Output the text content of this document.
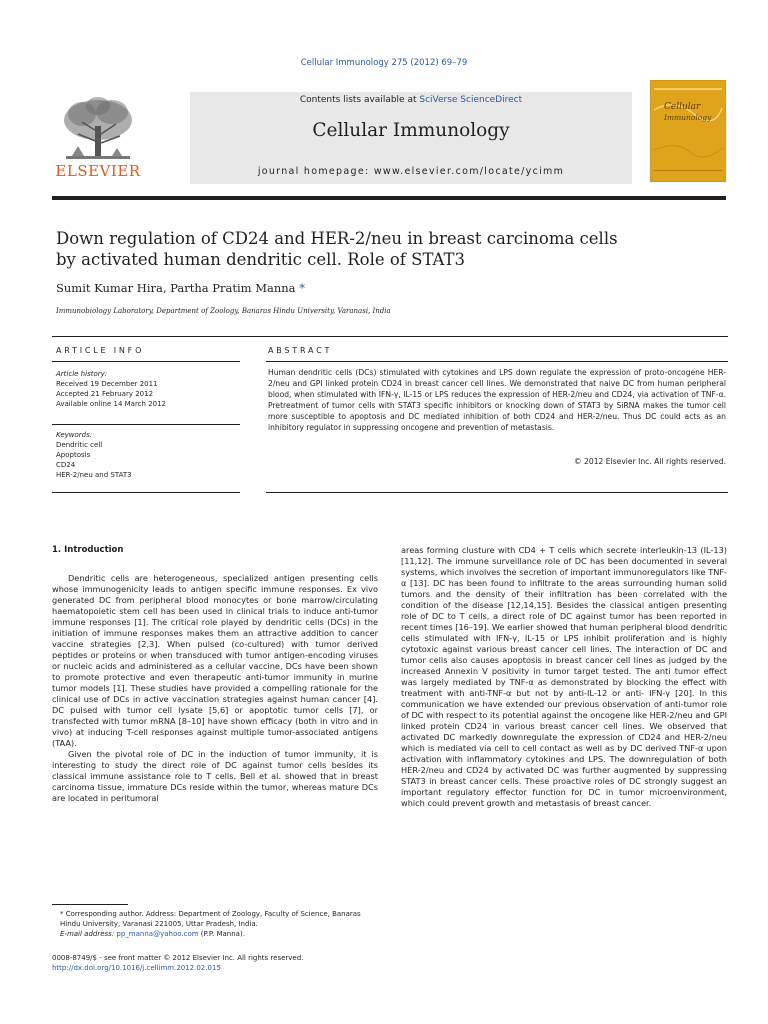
Cellular Immunology 275 (2012) 69–79
ELSEVIER
Contents lists available at SciVerse ScienceDirect
Cellular Immunology
journal homepage: www.elsevier.com/locate/ycimm
Cellular
Immunology
Down regulation of CD24 and HER-2/neu in breast carcinoma cells
by activated human dendritic cell. Role of STAT3
Sumit Kumar Hira, Partha Pratim Manna *
Immunobiology Laboratory, Department of Zoology, Banaras Hindu University, Varanasi, India
ARTICLE INFO	ABSTRACT
Article history:
Received 19 December 2011
Accepted 21 February 2012
Available online 14 March 2012
Keywords:
Dendritic cell
Apoptosis
CD24
HER-2/neu and STAT3
Human dendritic cells (DCs) stimulated with cytokines and LPS down regulate the expression of proto-oncogene HER-2/neu and GPI linked protein CD24 in breast cancer cell lines. We demonstrated that naive DC from human peripheral blood, when stimulated with IFN-γ, IL-15 or LPS reduces the expression of HER-2/neu and CD24, via activation of TNF-α. Pretreatment of tumor cells with STAT3 specific inhibitors or knocking down of STAT3 by SiRNA makes the tumor cell more susceptible to apoptosis and DC mediated inhibition of both CD24 and HER-2/neu. Thus DC could acts as an inhibitory regulator in suppressing oncogene and prevention of metastasis.
© 2012 Elsevier Inc. All rights reserved.
1. Introduction

Dendritic cells are heterogeneous, specialized antigen presenting cells whose immunogenicity leads to antigen specific immune responses. Ex vivo generated DC from peripheral blood monocytes or bone marrow/circulating haematopoietic stem cell has been used in clinical trials to induce anti-tumor immune responses [1]. The critical role played by dendritic cells (DCs) in the initiation of immune responses makes them an attractive addition to cancer vaccine strategies [2,3]. When pulsed (co-cultured) with tumor derived peptides or proteins or when transduced with tumor antigen-encoding viruses or nucleic acids and administered as a cellular vaccine, DCs have been shown to promote protective and even therapeutic anti-tumor immunity in murine tumor models [1]. These studies have provided a compelling rationale for the clinical use of DCs in active vaccination strategies against human cancer [4]. DC pulsed with tumor cell lysate [5,6] or apoptotic tumor cells [7], or transfected with tumor mRNA [8–10] have shown efficacy (both in vitro and in vivo) at inducing T-cell responses against multiple tumor-associated antigens (TAA).

Given the pivotal role of DC in the induction of tumor immunity, it is interesting to study the direct role of DC against tumor cells besides its classical immune assistance role to T cells. Bell et al. showed that in breast carcinoma tissue, immature DCs reside within the tumor, whereas mature DCs are located in peritumoral

areas forming clusture with CD4 + T cells which secrete interleukin-13 (IL-13) [11,12]. The immune surveillance role of DC has been documented in several systems, which involves the secretion of important immunoregulators like TNF-α [13]. DC has been found to infiltrate to the areas surrounding human solid tumors and the density of their infiltration has been correlated with the condition of the disease [12,14,15]. Besides the classical antigen presenting role of DC to T cells, a direct role of DC against tumor has been reported in recent times [16–19]. We earlier showed that human peripheral blood dendritic cells stimulated with IFN-γ, IL-15 or LPS inhibit proliferation and is highly cytotoxic against various breast cancer cell lines. The interaction of DC and tumor cells also causes apoptosis in breast cancer cell lines as judged by the increased Annexin V positivity in tumor target tested. The anti tumor effect was largely mediated by TNF-α as demonstrated by blocking the effect with treatment with anti-TNF-α but not by anti-IL-12 or anti- IFN-γ [20]. In this communication we have extended our previous observation of anti-tumor role of DC with respect to its potential against the oncogene like HER-2/neu and GPI linked protein CD24 in various breast cancer cell lines. We observed that activated DC markedly downregulate the expression of CD24 and HER-2/neu which is mediated via cell to cell contact as well as by DC derived TNF-α upon activation with inflammatory cytokines and LPS. The downregulation of both HER-2/neu and CD24 by activated DC was further augmented by suppressing STAT3 in breast cancer cells. These proactive roles of DC strongly suggest an important regulatory effector function for DC in tumor microenvironment, which could prevent growth and metastasis of breast cancer.

* Corresponding author. Address: Department of Zoology, Faculty of Science, Banaras Hindu University, Varanasi 221005, Uttar Pradesh, India.
E-mail address: pp_manna@yahoo.com (P.P. Manna).
0008-8749/$ - see front matter © 2012 Elsevier Inc. All rights reserved.
http://dx.doi.org/10.1016/j.cellimm.2012.02.015
